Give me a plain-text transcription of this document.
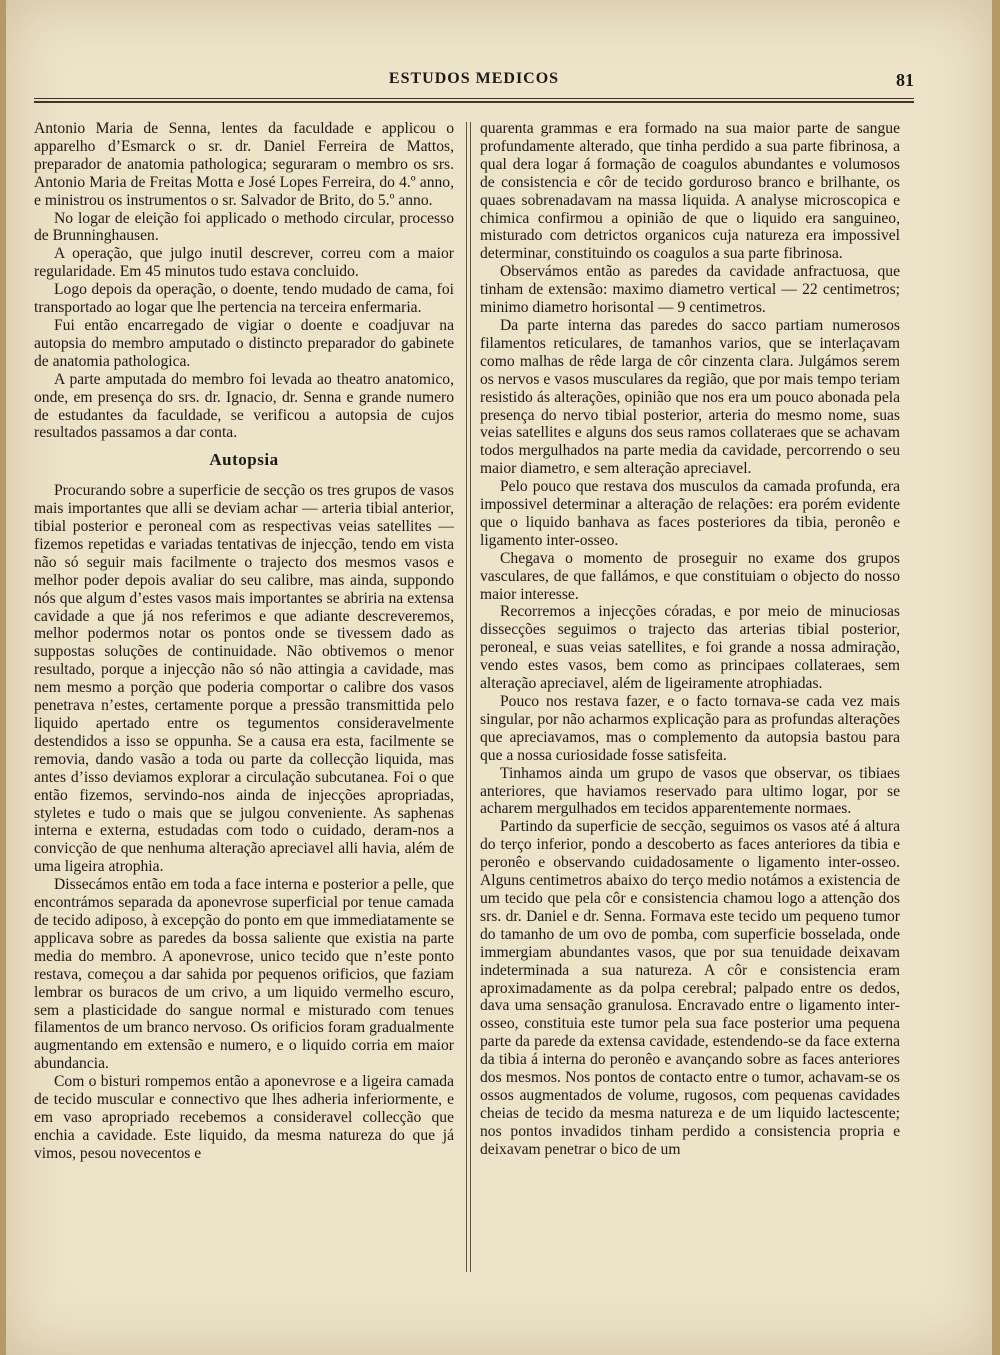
ESTUDOS MEDICOS	81

Antonio Maria de Senna, lentes da faculdade e applicou o apparelho d’Esmarck o sr. dr. Daniel Ferreira de Mattos, preparador de anatomia pathologica; seguraram o membro os srs. Antonio Maria de Freitas Motta e José Lopes Ferreira, do 4.º anno, e ministrou os instrumentos o sr. Salvador de Brito, do 5.º anno.

No logar de eleição foi applicado o methodo circular, processo de Brunninghausen.

A operação, que julgo inutil descrever, correu com a maior regularidade. Em 45 minutos tudo estava concluido.

Logo depois da operação, o doente, tendo mudado de cama, foi transportado ao logar que lhe pertencia na terceira enfermaria.

Fui então encarregado de vigiar o doente e coadjuvar na autopsia do membro amputado o distincto preparador do gabinete de anatomia pathologica.

A parte amputada do membro foi levada ao theatro anatomico, onde, em presença do srs. dr. Ignacio, dr. Senna e grande numero de estudantes da faculdade, se verificou a autopsia de cujos resultados passamos a dar conta.

Autopsia

Procurando sobre a superficie de secção os tres grupos de vasos mais importantes que alli se deviam achar — arteria tibial anterior, tibial posterior e peroneal com as respectivas veias satellites — fizemos repetidas e variadas tentativas de injecção, tendo em vista não só seguir mais facilmente o trajecto dos mesmos vasos e melhor poder depois avaliar do seu calibre, mas ainda, suppondo nós que algum d’estes vasos mais importantes se abriria na extensa cavidade a que já nos referimos e que adiante descreveremos, melhor podermos notar os pontos onde se tivessem dado as suppostas soluções de continuidade. Não obtivemos o menor resultado, porque a injecção não só não attingia a cavidade, mas nem mesmo a porção que poderia comportar o calibre dos vasos penetrava n’estes, certamente porque a pressão transmittida pelo liquido apertado entre os tegumentos consideravelmente destendidos a isso se oppunha. Se a causa era esta, facilmente se removia, dando vasão a toda ou parte da collecção liquida, mas antes d’isso deviamos explorar a circulação subcutanea. Foi o que então fizemos, servindo-nos ainda de injecções apropriadas, styletes e tudo o mais que se julgou conveniente. As saphenas interna e externa, estudadas com todo o cuidado, deram-nos a convicção de que nenhuma alteração apreciavel alli havia, além de uma ligeira atrophia.

Dissecámos então em toda a face interna e posterior a pelle, que encontrámos separada da aponevrose superficial por tenue camada de tecido adiposo, à excepção do ponto em que immediatamente se applicava sobre as paredes da bossa saliente que existia na parte media do membro. A aponevrose, unico tecido que n’este ponto restava, começou a dar sahida por pequenos orificios, que faziam lembrar os buracos de um crivo, a um liquido vermelho escuro, sem a plasticidade do sangue normal e misturado com tenues filamentos de um branco nervoso. Os orificios foram gradualmente augmentando em extensão e numero, e o liquido corria em maior abundancia.

Com o bisturi rompemos então a aponevrose e a ligeira camada de tecido muscular e connectivo que lhes adheria inferiormente, e em vaso apropriado recebemos a consideravel collecção que enchia a cavidade. Este liquido, da mesma natureza do que já vimos, pesou novecentos e

quarenta grammas e era formado na sua maior parte de sangue profundamente alterado, que tinha perdido a sua parte fibrinosa, a qual dera logar á formação de coagulos abundantes e volumosos de consistencia e côr de tecido gorduroso branco e brilhante, os quaes sobrenadavam na massa liquida. A analyse microscopica e chimica confirmou a opinião de que o liquido era sanguineo, misturado com detrictos organicos cuja natureza era impossivel determinar, constituindo os coagulos a sua parte fibrinosa.

Observámos então as paredes da cavidade anfractuosa, que tinham de extensão: maximo diametro vertical — 22 centimetros; minimo diametro horisontal — 9 centimetros.

Da parte interna das paredes do sacco partiam numerosos filamentos reticulares, de tamanhos varios, que se interlaçavam como malhas de rêde larga de côr cinzenta clara. Julgámos serem os nervos e vasos musculares da região, que por mais tempo teriam resistido ás alterações, opinião que nos era um pouco abonada pela presença do nervo tibial posterior, arteria do mesmo nome, suas veias satellites e alguns dos seus ramos collateraes que se achavam todos mergulhados na parte media da cavidade, percorrendo o seu maior diametro, e sem alteração apreciavel.

Pelo pouco que restava dos musculos da camada profunda, era impossivel determinar a alteração de relações: era porém evidente que o liquido banhava as faces posteriores da tibia, peronêo e ligamento inter-osseo.

Chegava o momento de proseguir no exame dos grupos vasculares, de que fallámos, e que constituiam o objecto do nosso maior interesse.

Recorremos a injecções córadas, e por meio de minuciosas dissecções seguimos o trajecto das arterias tibial posterior, peroneal, e suas veias satellites, e foi grande a nossa admiração, vendo estes vasos, bem como as principaes collateraes, sem alteração apreciavel, além de ligeiramente atrophiadas.

Pouco nos restava fazer, e o facto tornava-se cada vez mais singular, por não acharmos explicação para as profundas alterações que apreciavamos, mas o complemento da autopsia bastou para que a nossa curiosidade fosse satisfeita.

Tinhamos ainda um grupo de vasos que observar, os tibiaes anteriores, que haviamos reservado para ultimo logar, por se acharem mergulhados em tecidos apparentemente normaes.

Partindo da superficie de secção, seguimos os vasos até á altura do terço inferior, pondo a descoberto as faces anteriores da tibia e peronêo e observando cuidadosamente o ligamento inter-osseo. Alguns centimetros abaixo do terço medio notámos a existencia de um tecido que pela côr e consistencia chamou logo a attenção dos srs. dr. Daniel e dr. Senna. Formava este tecido um pequeno tumor do tamanho de um ovo de pomba, com superficie bosselada, onde immergiam abundantes vasos, que por sua tenuidade deixavam indeterminada a sua natureza. A côr e consistencia eram aproximadamente as da polpa cerebral; palpado entre os dedos, dava uma sensação granulosa. Encravado entre o ligamento inter-osseo, constituia este tumor pela sua face posterior uma pequena parte da parede da extensa cavidade, estendendo-se da face externa da tibia á interna do peronêo e avançando sobre as faces anteriores dos mesmos. Nos pontos de contacto entre o tumor, achavam-se os ossos augmentados de volume, rugosos, com pequenas cavidades cheias de tecido da mesma natureza e de um liquido lactescente; nos pontos invadidos tinham perdido a consistencia propria e deixavam penetrar o bico de um
